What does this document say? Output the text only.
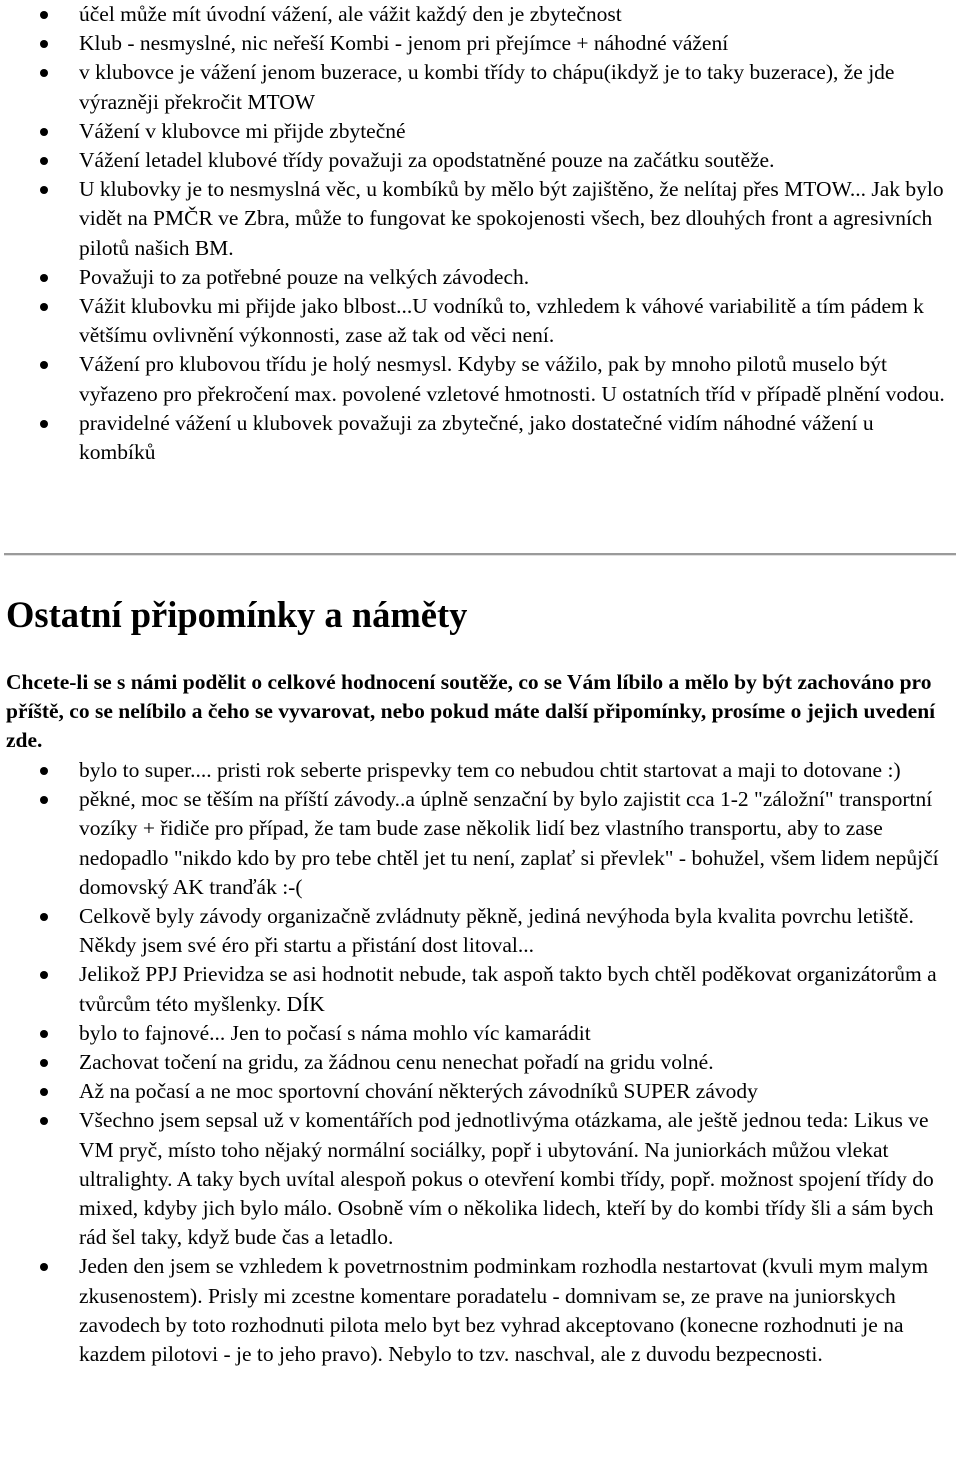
účel může mít úvodní vážení, ale vážit každý den je zbytečnost
Klub - nesmyslné, nic neřeší Kombi - jenom pri přejímce + náhodné vážení
v klubovce je vážení jenom buzerace, u kombi třídy to chápu(ikdyž je to taky buzerace), že jde výrazněji překročit MTOW
Vážení v klubovce mi přijde zbytečné
Vážení letadel klubové třídy považuji za opodstatněné pouze na začátku soutěže.
U klubovky je to nesmyslná věc, u kombíků by mělo být zajištěno, že nelítaj přes MTOW... Jak bylo vidět na PMČR ve Zbra, může to fungovat ke spokojenosti všech, bez dlouhých front a agresivních pilotů našich BM.
Považuji to za potřebné pouze na velkých závodech.
Vážit klubovku mi přijde jako blbost...U vodníků to, vzhledem k váhové variabilitě a tím pádem k většímu ovlivnění výkonnosti, zase až tak od věci není.
Vážení pro klubovou třídu je holý nesmysl. Kdyby se vážilo, pak by mnoho pilotů muselo být vyřazeno pro překročení max. povolené vzletové hmotnosti. U ostatních tříd v případě plnění vodou.
pravidelné vážení u klubovek považuji za zbytečné, jako dostatečné vidím náhodné vážení u kombíků
Ostatní připomínky a náměty

Chcete-li se s námi podělit o celkové hodnocení soutěže, co se Vám líbilo a mělo by být zachováno pro příště, co se nelíbilo a čeho se vyvarovat, nebo pokud máte další připomínky, prosíme o jejich uvedení zde.

bylo to super.... pristi rok seberte prispevky tem co nebudou chtit startovat a maji to dotovane :)
pěkné, moc se těším na příští závody..a úplně senzační by bylo zajistit cca 1-2 "záložní" transportní vozíky + řidiče pro případ, že tam bude zase několik lidí bez vlastního transportu, aby to zase nedopadlo "nikdo kdo by pro tebe chtěl jet tu není, zaplať si převlek" - bohužel, všem lidem nepůjčí domovský AK tranďák :-(
Celkově byly závody organizačně zvládnuty pěkně, jediná nevýhoda byla kvalita povrchu letiště. Někdy jsem své éro při startu a přistání dost litoval...
Jelikož PPJ Prievidza se asi hodnotit nebude, tak aspoň takto bych chtěl poděkovat organizátorům a tvůrcům této myšlenky. DÍK
bylo to fajnové... Jen to počasí s náma mohlo víc kamarádit
Zachovat točení na gridu, za žádnou cenu nenechat pořadí na gridu volné.
Až na počasí a ne moc sportovní chování některých závodníků SUPER závody
Všechno jsem sepsal už v komentářích pod jednotlivýma otázkama, ale ještě jednou teda: Likus ve VM pryč, místo toho nějaký normální sociálky, popř i ubytování. Na juniorkách můžou vlekat ultralighty. A taky bych uvítal alespoň pokus o otevření kombi třídy, popř. možnost spojení třídy do mixed, kdyby jich bylo málo. Osobně vím o několika lidech, kteří by do kombi třídy šli a sám bych rád šel taky, když bude čas a letadlo.
Jeden den jsem se vzhledem k povetrnostnim podminkam rozhodla nestartovat (kvuli mym malym zkusenostem). Prisly mi zcestne komentare poradatelu - domnivam se, ze prave na juniorskych zavodech by toto rozhodnuti pilota melo byt bez vyhrad akceptovano (konecne rozhodnuti je na kazdem pilotovi - je to jeho pravo). Nebylo to tzv. naschval, ale z duvodu bezpecnosti.
